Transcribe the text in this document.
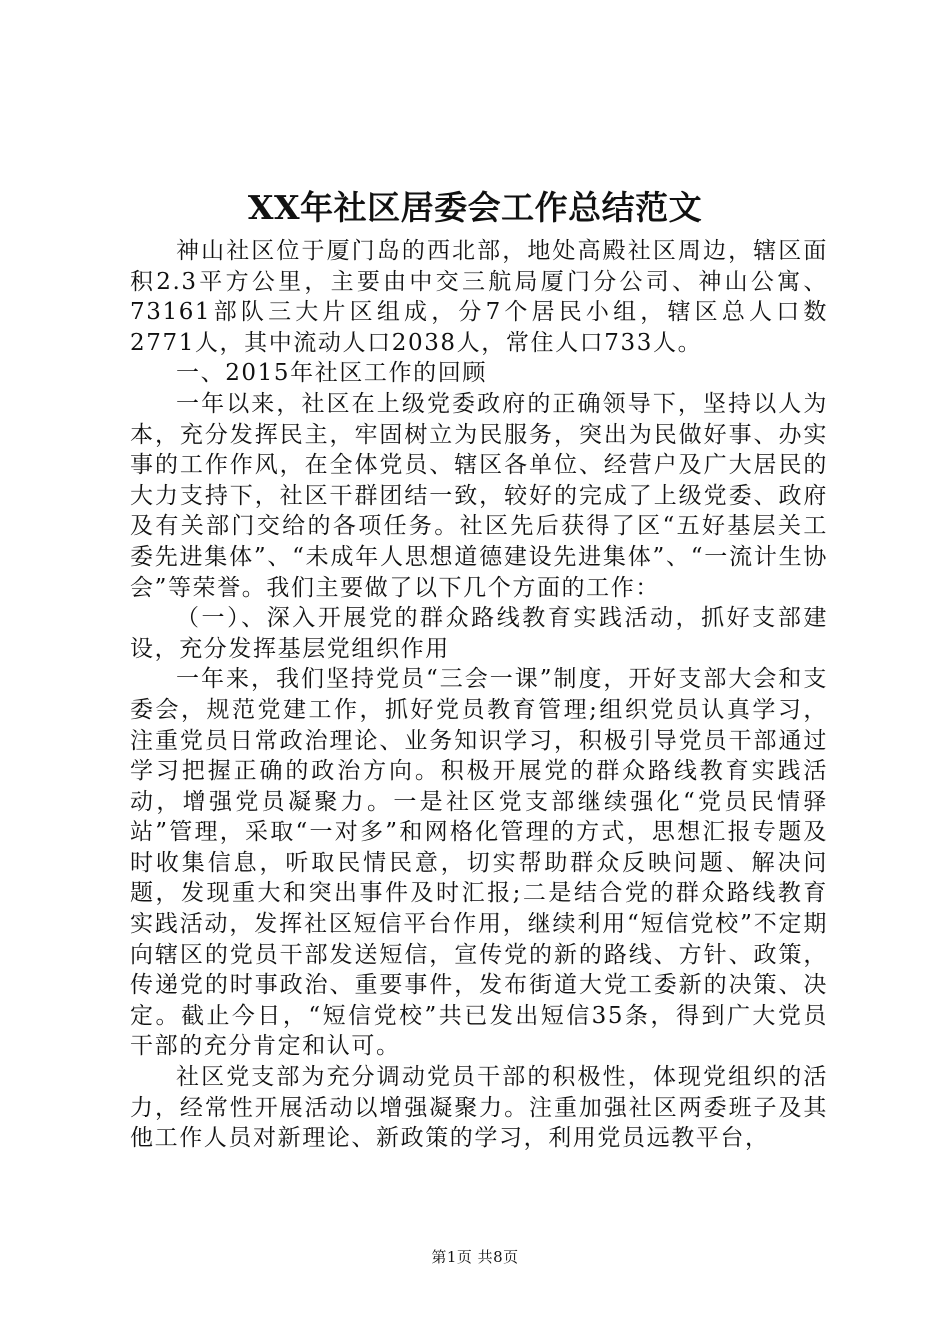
XX年社区居委会工作总结范文

神山社区位于厦门岛的西北部，地处高殿社区周边，辖区面积2.3平方公里，主要由中交三航局厦门分公司、神山公寓、73161部队三大片区组成，分7个居民小组，辖区总人口数2771人，其中流动人口2038人，常住人口733人。

一、2015年社区工作的回顾

一年以来，社区在上级党委政府的正确领导下，坚持以人为本，充分发挥民主，牢固树立为民服务，突出为民做好事、办实事的工作作风，在全体党员、辖区各单位、经营户及广大居民的大力支持下，社区干群团结一致，较好的完成了上级党委、政府及有关部门交给的各项任务。社区先后获得了区“五好基层关工委先进集体”、“未成年人思想道德建设先进集体”、“一流计生协会”等荣誉。我们主要做了以下几个方面的工作：

（一）、深入开展党的群众路线教育实践活动，抓好支部建设，充分发挥基层党组织作用

一年来，我们坚持党员“三会一课”制度，开好支部大会和支委会，规范党建工作，抓好党员教育管理;组织党员认真学习，注重党员日常政治理论、业务知识学习，积极引导党员干部通过学习把握正确的政治方向。积极开展党的群众路线教育实践活动，增强党员凝聚力。一是社区党支部继续强化“党员民情驿站”管理，采取“一对多”和网格化管理的方式，思想汇报专题及时收集信息，听取民情民意，切实帮助群众反映问题、解决问题，发现重大和突出事件及时汇报;二是结合党的群众路线教育实践活动，发挥社区短信平台作用，继续利用“短信党校”不定期向辖区的党员干部发送短信，宣传党的新的路线、方针、政策，传递党的时事政治、重要事件，发布街道大党工委新的决策、决定。截止今日，“短信党校”共已发出短信35条，得到广大党员干部的充分肯定和认可。

社区党支部为充分调动党员干部的积极性，体现党组织的活力，经常性开展活动以增强凝聚力。注重加强社区两委班子及其他工作人员对新理论、新政策的学习，利用党员远教平台，

第1页 共8页
